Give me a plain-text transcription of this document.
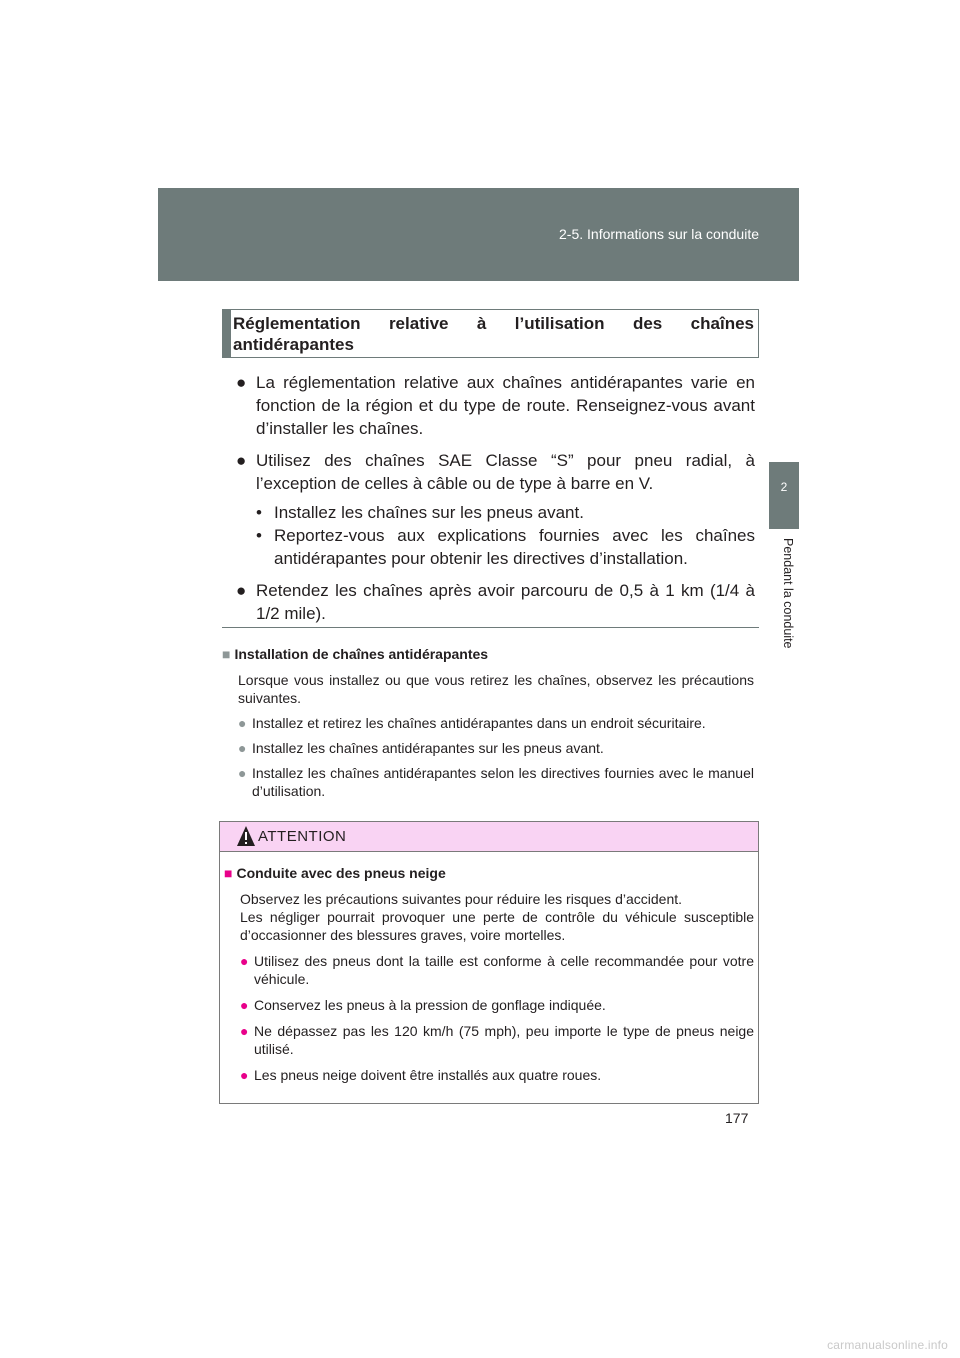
2-5. Informations sur la conduite
2
Pendant la conduite
Réglementation relative à l’utilisation des chaînes antidérapantes
● La réglementation relative aux chaînes antidérapantes varie en fonction de la région et du type de route. Renseignez-vous avant d’installer les chaînes.
● Utilisez des chaînes SAE Classe “S” pour pneu radial, à l’exception de celles à câble ou de type à barre en V.
• Installez les chaînes sur les pneus avant.
• Reportez-vous aux explications fournies avec les chaînes antidérapantes pour obtenir les directives d’installation.
● Retendez les chaînes après avoir parcouru de 0,5 à 1 km (1/4 à 1/2 mile).
■ Installation de chaînes antidérapantes
Lorsque vous installez ou que vous retirez les chaînes, observez les précautions suivantes.
● Installez et retirez les chaînes antidérapantes dans un endroit sécuritaire.
● Installez les chaînes antidérapantes sur les pneus avant.
● Installez les chaînes antidérapantes selon les directives fournies avec le manuel d’utilisation.
ATTENTION
■ Conduite avec des pneus neige
Observez les précautions suivantes pour réduire les risques d’accident.
Les négliger pourrait provoquer une perte de contrôle du véhicule susceptible d’occasionner des blessures graves, voire mortelles.
● Utilisez des pneus dont la taille est conforme à celle recommandée pour votre véhicule.
● Conservez les pneus à la pression de gonflage indiquée.
● Ne dépassez pas les 120 km/h (75 mph), peu importe le type de pneus neige utilisé.
● Les pneus neige doivent être installés aux quatre roues.
177
carmanualsonline.info
